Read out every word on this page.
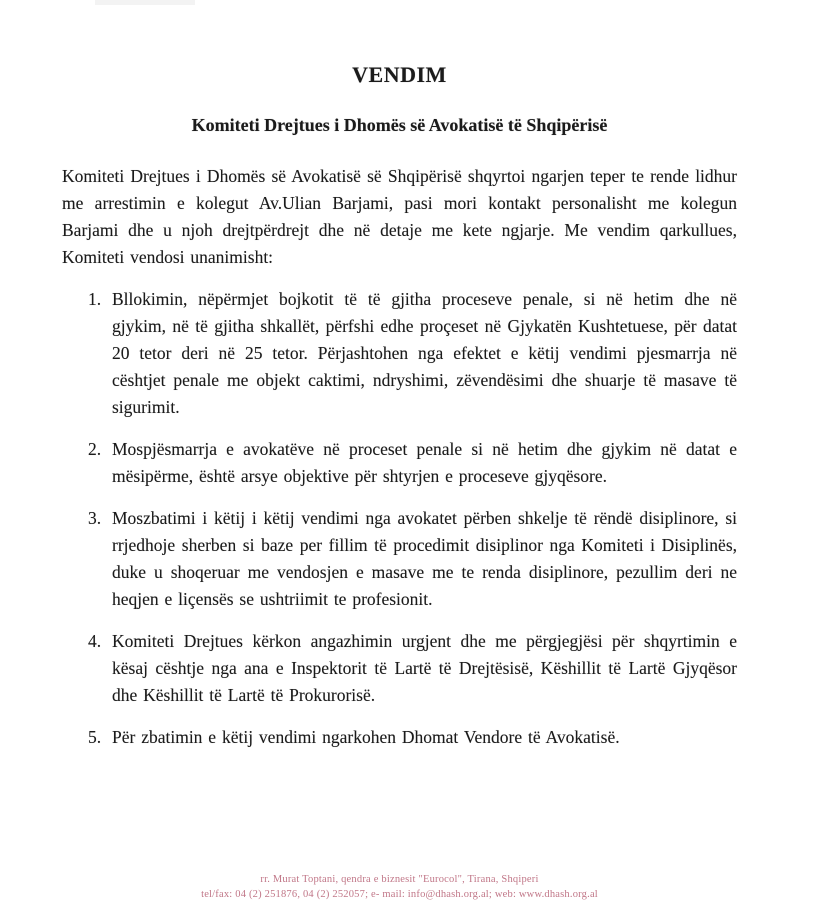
VENDIM
Komiteti Drejtues i Dhomës së Avokatisë të Shqipërisë
Komiteti Drejtues i Dhomës së Avokatisë së Shqipërisë shqyrtoi ngarjen teper te rende lidhur me arrestimin e kolegut Av.Ulian Barjami, pasi mori kontakt personalisht me kolegun Barjami dhe u njoh drejtpërdrejt dhe në detaje me kete ngjarje. Me vendim qarkullues, Komiteti vendosi unanimisht:
1. Bllokimin, nëpërmjet bojkotit të të gjitha proceseve penale, si në hetim dhe në gjykim, në të gjitha shkallët, përfshi edhe proçeset në Gjykatën Kushtetuese, për datat 20 tetor deri në 25 tetor. Përjashtohen nga efektet e këtij vendimi pjesmarrja në cështjet penale me objekt caktimi, ndryshimi, zëvendësimi dhe shuarje të masave të sigurimit.
2. Mospjësmarrja e avokatëve në proceset penale si në hetim dhe gjykim në datat e mësipërme, është arsye objektive për shtyrjen e proceseve gjyqësore.
3. Moszbatimi i këtij i këtij vendimi nga avokatet përben shkelje të rëndë disiplinore, si rrjedhoje sherben si baze per fillim të procedimit disiplinor nga Komiteti i Disiplinës, duke u shoqeruar me vendosjen e masave me te renda disiplinore, pezullim deri ne heqjen e liçensës se ushtriimit te profesionit.
4. Komiteti Drejtues kërkon angazhimin urgjent dhe me përgjegjësi për shqyrtimin e kësaj cështje nga ana e Inspektorit të Lartë të Drejtësisë, Këshillit të Lartë Gjyqësor dhe Këshillit të Lartë të Prokurorisë.
5. Për zbatimin e këtij vendimi ngarkohen Dhomat Vendore të Avokatisë.
rr. Murat Toptani, qendra e biznesit "Eurocol", Tirana, Shqiperi
tel/fax: 04 (2) 251876, 04 (2) 252057; e- mail: info@dhash.org.al; web: www.dhash.org.al
